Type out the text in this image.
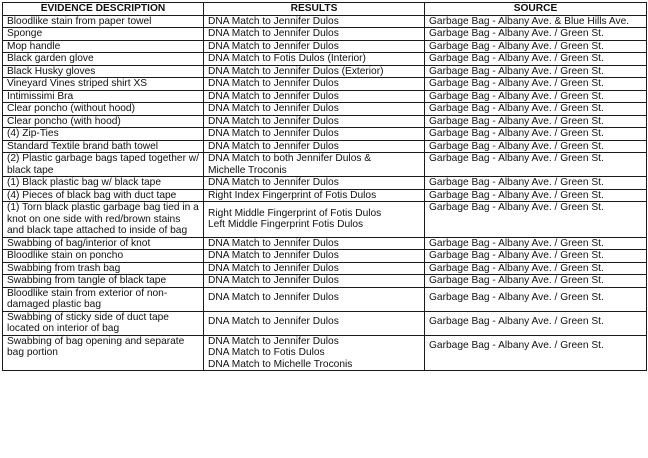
EVIDENCE DESCRIPTION	RESULTS	SOURCE
Bloodlike stain from paper towel	DNA Match to Jennifer Dulos	Garbage Bag - Albany Ave. & Blue Hills Ave.
Sponge	DNA Match to Jennifer Dulos	Garbage Bag - Albany Ave. / Green St.
Mop handle	DNA Match to Jennifer Dulos	Garbage Bag - Albany Ave. / Green St.
Black garden glove	DNA Match to Fotis Dulos (Interior)	Garbage Bag - Albany Ave. / Green St.
Black Husky gloves	DNA Match to Jennifer Dulos (Exterior)	Garbage Bag - Albany Ave. / Green St.
Vineyard Vines striped shirt XS	DNA Match to Jennifer Dulos	Garbage Bag - Albany Ave. / Green St.
Intimissimi Bra	DNA Match to Jennifer Dulos	Garbage Bag - Albany Ave. / Green St.
Clear poncho (without hood)	DNA Match to Jennifer Dulos	Garbage Bag - Albany Ave. / Green St.
Clear poncho (with hood)	DNA Match to Jennifer Dulos	Garbage Bag - Albany Ave. / Green St.
(4) Zip-Ties	DNA Match to Jennifer Dulos	Garbage Bag - Albany Ave. / Green St.
Standard Textile brand bath towel	DNA Match to Jennifer Dulos	Garbage Bag - Albany Ave. / Green St.
(2) Plastic garbage bags taped together w/ black tape	DNA Match to both Jennifer Dulos &
Michelle Troconis	Garbage Bag - Albany Ave. / Green St.
(1) Black plastic bag w/ black tape	DNA Match to Jennifer Dulos	Garbage Bag - Albany Ave. / Green St.
(4) Pieces of black bag with duct tape	Right Index Fingerprint of Fotis Dulos	Garbage Bag - Albany Ave. / Green St.
(1) Torn black plastic garbage bag tied in a knot on one side with red/brown stains and black tape attached to inside of bag	Right Middle Fingerprint of Fotis Dulos
Left Middle Fingerprint Fotis Dulos	Garbage Bag - Albany Ave. / Green St.
Swabbing of bag/interior of knot	DNA Match to Jennifer Dulos	Garbage Bag - Albany Ave. / Green St.
Bloodlike stain on poncho	DNA Match to Jennifer Dulos	Garbage Bag - Albany Ave. / Green St.
Swabbing from trash bag	DNA Match to Jennifer Dulos	Garbage Bag - Albany Ave. / Green St.
Swabbing from tangle of black tape	DNA Match to Jennifer Dulos	Garbage Bag - Albany Ave. / Green St.
Bloodlike stain from exterior of non-damaged plastic bag	DNA Match to Jennifer Dulos	Garbage Bag - Albany Ave. / Green St.
Swabbing of sticky side of duct tape located on interior of bag	DNA Match to Jennifer Dulos	Garbage Bag - Albany Ave. / Green St.
Swabbing of bag opening and separate bag portion	DNA Match to Jennifer Dulos
DNA Match to Fotis Dulos
DNA Match to Michelle Troconis	Garbage Bag - Albany Ave. / Green St.
